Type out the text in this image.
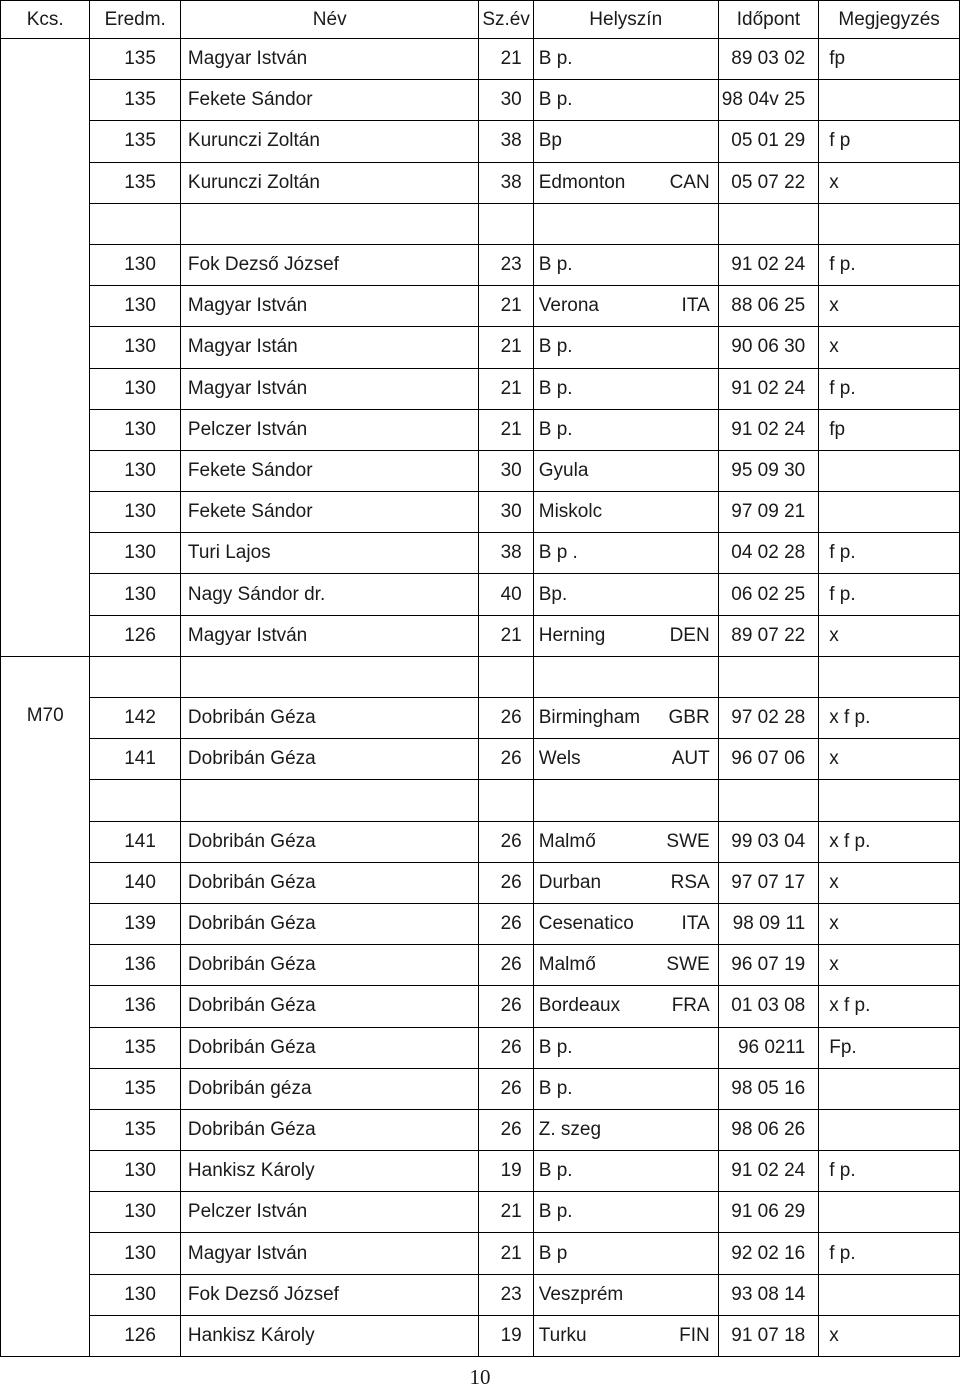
Kcs.	Eredm.	Név	Sz.év	Helyszín	Időpont	Megjegyzés
	135	Magyar István	21	B p.	89 03 02	fp
	135	Fekete Sándor	30	B p.	98 04v 25	
	135	Kurunczi Zoltán	38	Bp	05 01 29	f p
	135	Kurunczi Zoltán	38	Edmonton CAN	05 07 22	x

	130	Fok Dezső József	23	B p.	91 02 24	f p.
	130	Magyar István	21	Verona ITA	88 06 25	x
	130	Magyar Istán	21	B p.	90 06 30	x
	130	Magyar István	21	B p.	91 02 24	f p.
	130	Pelczer István	21	B p.	91 02 24	fp
	130	Fekete Sándor	30	Gyula	95 09 30	
	130	Fekete Sándor	30	Miskolc	97 09 21	
	130	Turi Lajos	38	B p .	04 02 28	f p.
	130	Nagy Sándor dr.	40	Bp.	06 02 25	f p.
	126	Magyar István	21	Herning DEN	89 07 22	x
M70				

	142	Dobribán Géza	26	Birmingham GBR	97 02 28	x f p.
	141	Dobribán Géza	26	Wels AUT	96 07 06	x

	141	Dobribán Géza	26	Malmő SWE	99 03 04	x f p.
	140	Dobribán Géza	26	Durban RSA	97 07 17	x
	139	Dobribán Géza	26	Cesenatico ITA	98 09 11	x
	136	Dobribán Géza	26	Malmő SWE	96 07 19	x
	136	Dobribán Géza	26	Bordeaux FRA	01 03 08	x f p.
	135	Dobribán Géza	26	B p.	96 0211	Fp.
	135	Dobribán géza	26	B p.	98 05 16	
	135	Dobribán Géza	26	Z. szeg	98 06 26	
	130	Hankisz Károly	19	B p.	91 02 24	f p.
	130	Pelczer István	21	B p.	91 06 29	
	130	Magyar István	21	B p	92 02 16	f p.
	130	Fok Dezső József	23	Veszprém	93 08 14	
	126	Hankisz Károly	19	Turku FIN	91 07 18	x
10
